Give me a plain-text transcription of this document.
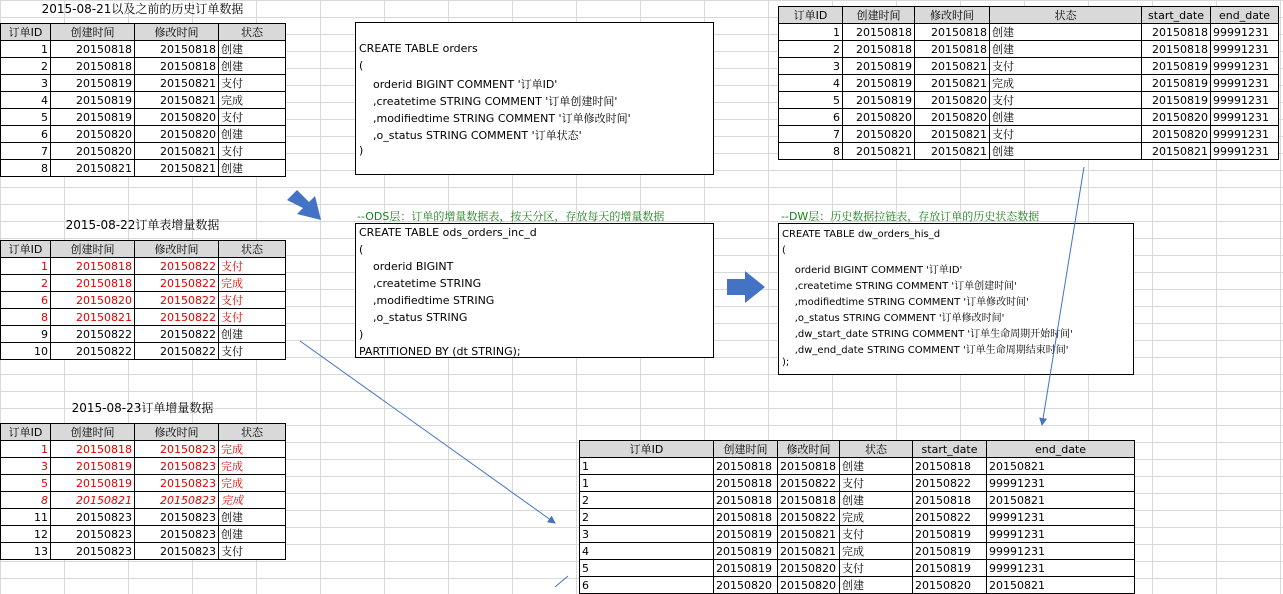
2015-08-21以及之前的历史订单数据
订单ID	创建时间	修改时间	状态
1	20150818	20150818	创建
2	20150818	20150818	创建
3	20150819	20150821	支付
4	20150819	20150821	完成
5	20150819	20150820	支付
6	20150820	20150820	创建
7	20150820	20150821	支付
8	20150821	20150821	创建
2015-08-22订单表增量数据
订单ID	创建时间	修改时间	状态
1	20150818	20150822	支付
2	20150818	20150822	完成
6	20150820	20150822	支付
8	20150821	20150822	支付
9	20150822	20150822	创建
10	20150822	20150822	支付
2015-08-23订单增量数据
订单ID	创建时间	修改时间	状态
1	20150818	20150823	完成
3	20150819	20150823	完成
5	20150819	20150823	完成
8	20150821	20150823	完成
11	20150823	20150823	创建
12	20150823	20150823	创建
13	20150823	20150823	支付
CREATE TABLE orders
(
orderid BIGINT COMMENT '订单ID'
,createtime STRING COMMENT '订单创建时间'
,modifiedtime STRING COMMENT '订单修改时间'
,o_status STRING COMMENT '订单状态'
)
--ODS层：订单的增量数据表，按天分区，存放每天的增量数据
CREATE TABLE ods_orders_inc_d
(
orderid BIGINT
,createtime STRING
,modifiedtime STRING
,o_status STRING
)
PARTITIONED BY (dt STRING);
--DW层：历史数据拉链表，存放订单的历史状态数据
CREATE TABLE dw_orders_his_d
(
orderid BIGINT COMMENT '订单ID'
,createtime STRING COMMENT '订单创建时间'
,modifiedtime STRING COMMENT '订单修改时间'
,o_status STRING COMMENT '订单修改时间'
,dw_start_date STRING COMMENT '订单生命周期开始时间'
,dw_end_date STRING COMMENT '订单生命周期结束时间'
);
订单ID	创建时间	修改时间	状态	start_date	end_date
1	20150818	20150818	创建	20150818	99991231
2	20150818	20150818	创建	20150818	99991231
3	20150819	20150821	支付	20150819	99991231
4	20150819	20150821	完成	20150819	99991231
5	20150819	20150820	支付	20150819	99991231
6	20150820	20150820	创建	20150820	99991231
7	20150820	20150821	支付	20150820	99991231
8	20150821	20150821	创建	20150821	99991231
订单ID	创建时间	修改时间	状态	start_date	end_date
1	20150818	20150818	创建	20150818	20150821
1	20150818	20150822	支付	20150822	99991231
2	20150818	20150818	创建	20150818	20150821
2	20150818	20150822	完成	20150822	99991231
3	20150819	20150821	支付	20150819	99991231
4	20150819	20150821	完成	20150819	99991231
5	20150819	20150820	支付	20150819	99991231
6	20150820	20150820	创建	20150820	20150821
